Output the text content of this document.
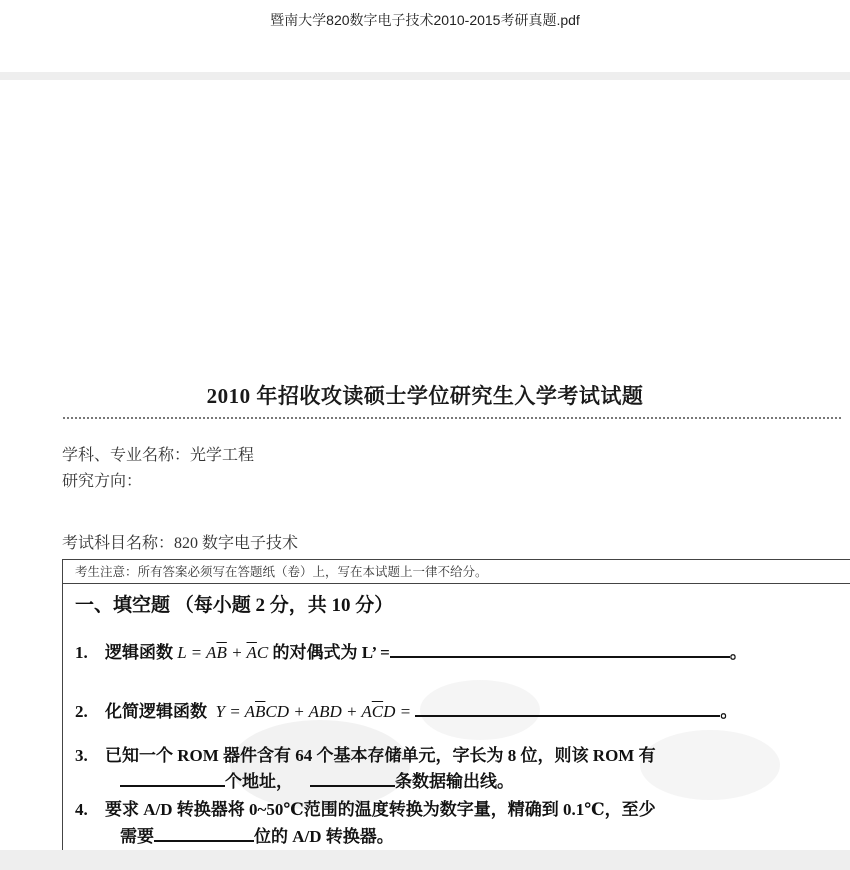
暨南大学820数字电子技术2010-2015考研真题.pdf
2010 年招收攻读硕士学位研究生入学考试试题
学科、专业名称：光学工程
研究方向：
考试科目名称：820 数字电子技术
考生注意：所有答案必须写在答题纸（卷）上，写在本试题上一律不给分。
一、填空题 （每小题 2 分，共 10 分）
1. 逻辑函数 $L = A\overline{B} + \overline{A}C$ 的对偶式为 L’ =	。
2. 化简逻辑函数 $Y = A\overline{B}CD$ + ABD + $A\overline{C}D$ =	。
3. 已知一个 ROM 器件含有 64 个基本存储单元，字长为 8 位，则该 ROM 有
个地址，	条数据输出线。
4. 要求 A/D 转换器将 0~50℃范围的温度转换为数字量，精确到 0.1℃，至少
需要	位的 A/D 转换器。
